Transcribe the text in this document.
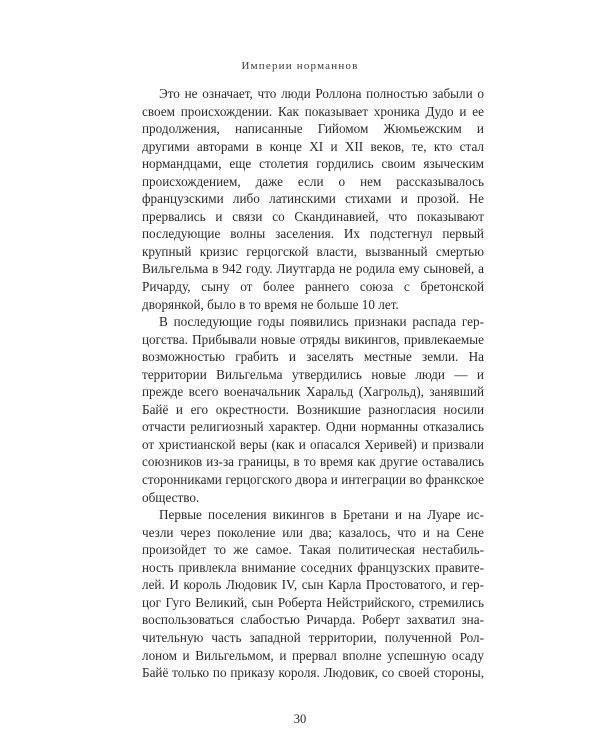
Империи норманнов

Это не означает, что люди Роллона полностью забыли о своем происхождении. Как показывает хроника Дудо и ее продолжения, написанные Гийомом Жюмьежским и другими авторами в конце XI и XII веков, те, кто стал нормандцами, еще столетия гордились своим языческим происхождением, даже если о нем рассказывалось французскими либо латинскими стихами и прозой. Не прервались и связи со Скандинавией, что показывают последующие волны заселения. Их подстегнул первый крупный кризис герцогской власти, вызванный смертью Вильгельма в 942 году. Лиутгарда не родила ему сыновей, а Ричарду, сыну от более раннего союза с бретонской дворянкой, было в то время не больше 10 лет.

В последующие годы появились признаки распада герцогства. Прибывали новые отряды викингов, привлекаемые возможностью грабить и заселять местные земли. На территории Вильгельма утвердились новые люди — и прежде всего военачальник Харальд (Хагрольд), занявший Байё и его окрестности. Возникшие разногласия носили отчасти религиозный характер. Одни норманны отказались от христианской веры (как и опасался Херивей) и призвали союзников из-за границы, в то время как другие оставались сторонниками герцогского двора и интеграции во франкское общество.

Первые поселения викингов в Бретани и на Луаре исчезли через поколение или два; казалось, что и на Сене произойдет то же самое. Такая политическая нестабильность привлекла внимание соседних французских правителей. И король Людовик IV, сын Карла Простоватого, и герцог Гуго Великий, сын Роберта Нейстрийского, стремились воспользоваться слабостью Ричарда. Роберт захватил значительную часть западной территории, полученной Роллоном и Вильгельмом, и прервал вполне успешную осаду Байё только по приказу короля. Людовик, со своей стороны,

30
